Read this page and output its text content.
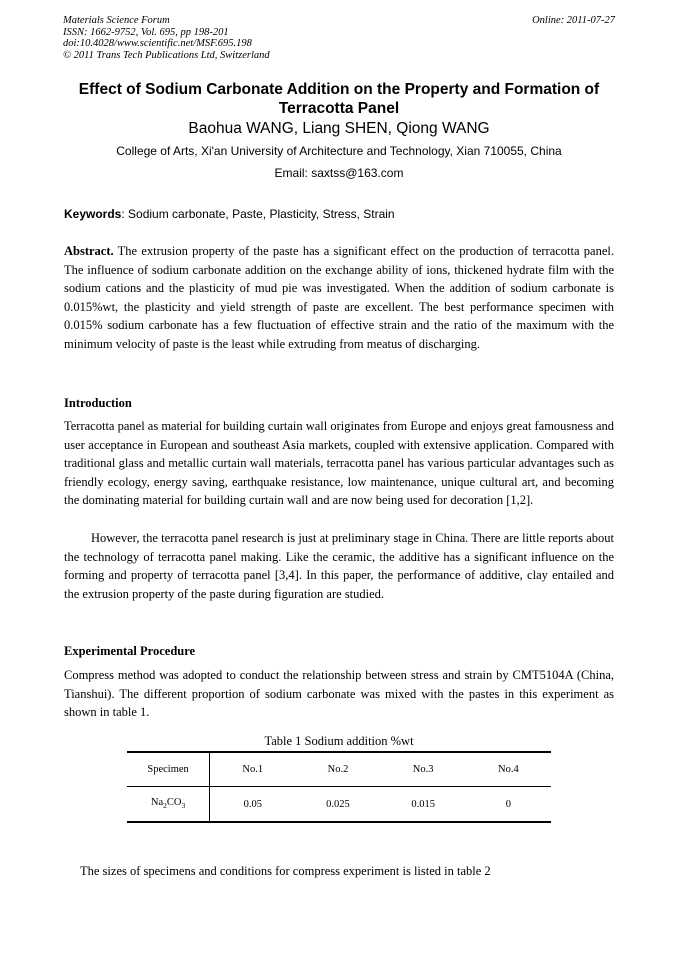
Materials Science Forum
ISSN: 1662-9752, Vol. 695, pp 198-201
doi:10.4028/www.scientific.net/MSF.695.198
© 2011 Trans Tech Publications Ltd, Switzerland
Online: 2011-07-27
Effect of Sodium Carbonate Addition on the Property and Formation of Terracotta Panel
Baohua WANG, Liang SHEN, Qiong WANG
College of Arts, Xi'an University of Architecture and Technology, Xian 710055, China
Email: saxtss@163.com
Keywords: Sodium carbonate, Paste, Plasticity, Stress, Strain
Abstract. The extrusion property of the paste has a significant effect on the production of terracotta panel. The influence of sodium carbonate addition on the exchange ability of ions, thickened hydrate film with the sodium cations and the plasticity of mud pie was investigated. When the addition of sodium carbonate is 0.015%wt, the plasticity and yield strength of paste are excellent. The best performance specimen with 0.015% sodium carbonate has a few fluctuation of effective strain and the ratio of the maximum with the minimum velocity of paste is the least while extruding from meatus of discharging.
Introduction
Terracotta panel as material for building curtain wall originates from Europe and enjoys great famousness and user acceptance in European and southeast Asia markets, coupled with extensive application. Compared with traditional glass and metallic curtain wall materials, terracotta panel has various particular advantages such as friendly ecology, energy saving, earthquake resistance, low maintenance, unique cultural art, and becoming the dominating material for building curtain wall and are now being used for decoration [1,2].
However, the terracotta panel research is just at preliminary stage in China. There are little reports about the technology of terracotta panel making. Like the ceramic, the additive has a significant influence on the forming and property of terracotta panel [3,4]. In this paper, the performance of additive, clay entailed and the extrusion property of the paste during figuration are studied.
Experimental Procedure
Compress method was adopted to conduct the relationship between stress and strain by CMT5104A (China, Tianshui). The different proportion of sodium carbonate was mixed with the pastes in this experiment as shown in table 1.
Table 1 Sodium addition %wt
Specimen	No.1	No.2	No.3	No.4
$Na_2CO_3$	0.05	0.025	0.015	0
The sizes of specimens and conditions for compress experiment is listed in table 2
